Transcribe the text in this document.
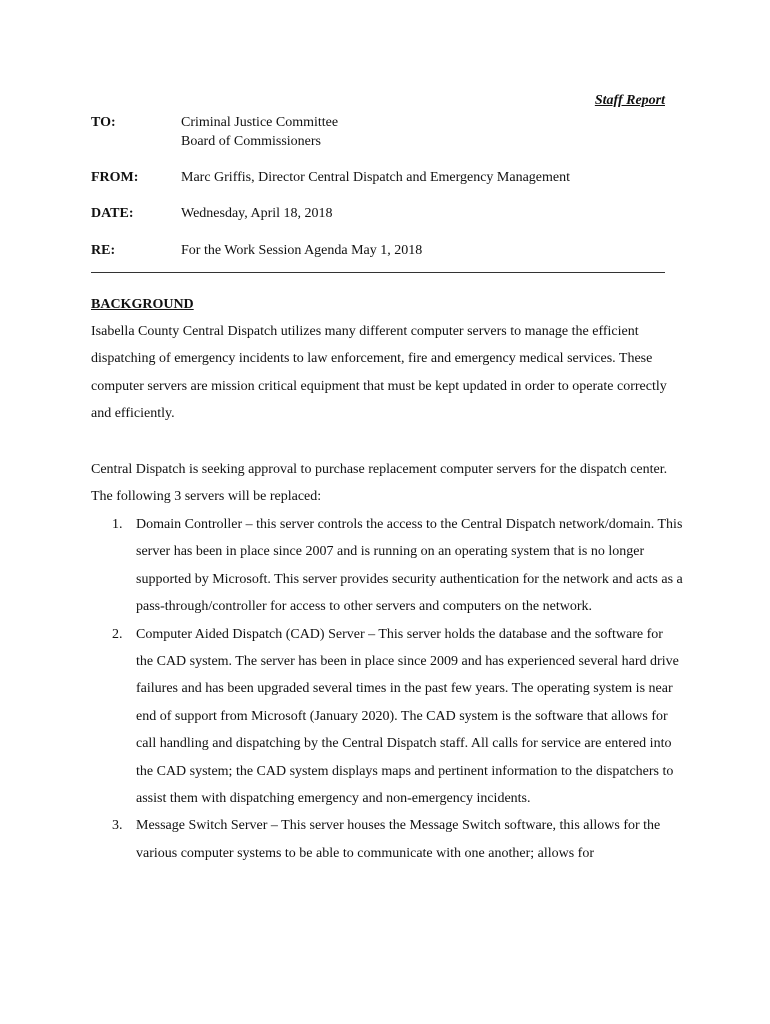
Staff Report

TO:	Criminal Justice Committee
Board of Commissioners
FROM:	Marc Griffis, Director Central Dispatch and Emergency Management
DATE:	Wednesday, April 18, 2018
RE:	For the Work Session Agenda May 1, 2018

BACKGROUND

Isabella County Central Dispatch utilizes many different computer servers to manage the efficient dispatching of emergency incidents to law enforcement, fire and emergency medical services. These computer servers are mission critical equipment that must be kept updated in order to operate correctly and efficiently.

Central Dispatch is seeking approval to purchase replacement computer servers for the dispatch center. The following 3 servers will be replaced:

1. Domain Controller – this server controls the access to the Central Dispatch network/domain. This server has been in place since 2007 and is running on an operating system that is no longer supported by Microsoft. This server provides security authentication for the network and acts as a pass-through/controller for access to other servers and computers on the network.
2. Computer Aided Dispatch (CAD) Server – This server holds the database and the software for the CAD system. The server has been in place since 2009 and has experienced several hard drive failures and has been upgraded several times in the past few years. The operating system is near end of support from Microsoft (January 2020). The CAD system is the software that allows for call handling and dispatching by the Central Dispatch staff. All calls for service are entered into the CAD system; the CAD system displays maps and pertinent information to the dispatchers to assist them with dispatching emergency and non-emergency incidents.
3. Message Switch Server – This server houses the Message Switch software, this allows for the various computer systems to be able to communicate with one another; allows for
